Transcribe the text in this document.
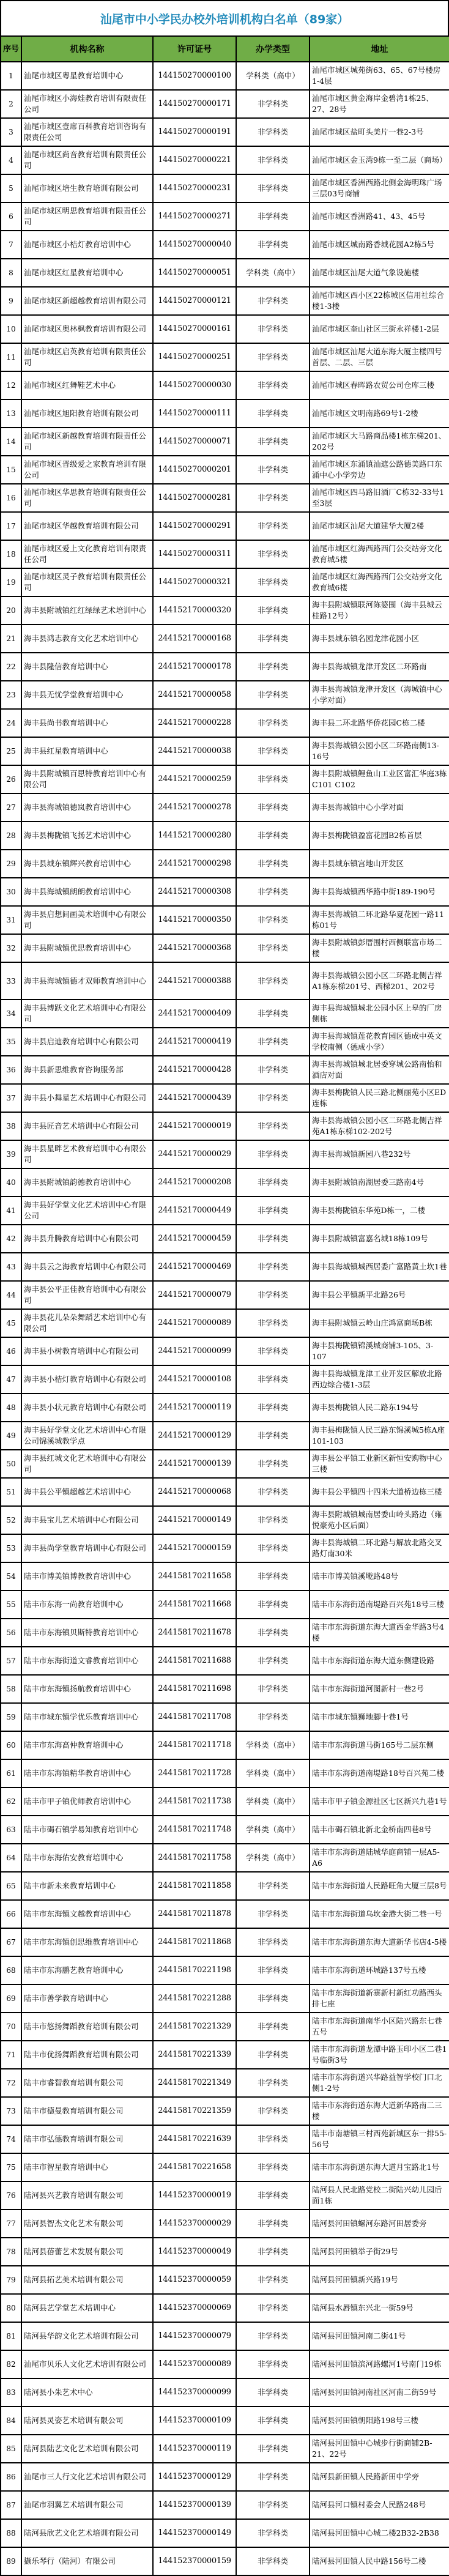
汕尾市中小学民办校外培训机构白名单（89家）
序号	机构名称	许可证号	办学类型	地址
1	汕尾市城区粤星教育培训中心	144150270000100	学科类（高中）	汕尾市城区城苑街63、65、67号楼房1-4层

2	汕尾市城区小海娃教育培训有限责任公司	144150270000171	非学科类	汕尾市城区黄金海岸金碧湾1栋25、27、28号

3	汕尾市城区壹席百科教育培训咨询有限责任公司	144150270000191	非学科类	汕尾市城区盐町头美片一巷2-3号

4	汕尾市城区尚音教育培训有限责任公司	144150270000221	非学科类	汕尾市城区金玉湾9栋一至二层（商场）

5	汕尾市城区培生教育培训有限公司	144150270000231	非学科类	汕尾市城区香洲西路北侧金海明珠广场三层03号商铺

6	汕尾市城区明思教育培训有限责任公司	144150270000271	非学科类	汕尾市城区香洲路41、43、45号

7	汕尾市城区小桔灯教育培训中心	144150270000040	非学科类	汕尾市城区城南路香城花园A2栋5号

8	汕尾市城区红星教育培训中心	144150270000051	学科类（高中）	汕尾市城区汕尾大道气象设施楼

9	汕尾市城区新超越教育培训有限公司	144150270000121	非学科类	汕尾市城区西小区22栋城区信用社综合楼1-3楼

10	汕尾市城区奥林枫教育培训有限公司	144150270000161	非学科类	汕尾市城区奎山社区三街永祥楼1-2层

11	汕尾市城区启英教育培训有限责任公司	144150270000251	非学科类	汕尾市城区汕尾大道东海大厦主楼四号首层、二层、三层

12	汕尾市城区红舞鞋艺术中心	144150270000030	非学科类	汕尾市城区春晖路农贸公司仓库三楼

13	汕尾市城区旭阳教育培训有限公司	144150270000111	非学科类	汕尾市城区文明南路69号1-2楼

14	汕尾市城区新越教育培训有限责任公司	144150270000071	非学科类	汕尾市城区大马路商品楼1栋东梯201、202号

15	汕尾市城区晋级爱之家教育培训有限公司	144150270000201	非学科类	汕尾市城区东涌镇汕遮公路德美路口东涌中心小学旁边

16	汕尾市城区华思教育培训有限责任公司	144150270000281	非学科类	汕尾市城区四马路旧酒厂C栋32-33号1至3层

17	汕尾市城区华越教育培训有限公司	144150270000291	非学科类	汕尾市城区汕尾大道建华大厦2楼

18	汕尾市城区爱上文化教育培训有限责任公司	144150270000311	非学科类	汕尾市城区红海西路西门公交站旁文化教育城5楼

19	汕尾市城区灵子教育培训有限责任公司	144150270000321	非学科类	汕尾市城区红海西路西门公交站旁文化教育城6楼

20	海丰县附城镇红红绿绿艺术培训中心	144152170000320	非学科类	海丰县附城镇联河陈婆围（海丰县城云桂路12号）

21	海丰县鸿志教育文化艺术培训中心	244152170000168	非学科类	海丰县城东镇名园龙津花园小区

22	海丰县隆信教育培训中心	244152170000178	非学科类	海丰县海城镇龙津开发区二环路南

23	海丰县无忧学堂教育培训中心	244152170000058	非学科类	海丰县海城镇龙津开发区（海城镇中心小学对面）

24	海丰县尚书教育培训中心	244152170000228	非学科类	海丰县二环北路华侨花园C栋二楼

25	海丰县红星教育培训中心	244152170000038	非学科类	海丰县海城镇公园小区二环路南侧13-16号

26	海丰县附城镇百思特教育培训中心有限公司	244152170000259	非学科类	海丰县附城镇鲤鱼山工业区富汇华庭3栋C101 C102

27	海丰县海城镇德岚教育培训中心	244152170000278	非学科类	海丰县海城镇中心小学对面

28	海丰县梅陇镇飞扬艺术培训中心	144152170000280	非学科类	海丰县梅陇镇盈富花园B2栋首层

29	海丰县城东镇辉兴教育培训中心	244152170000298	非学科类	海丰县城东镇宫地山开发区

30	海丰县海城镇朗朗教育培训中心	244152170000308	非学科类	海丰县海城镇西华路中街189-190号

31	海丰县启想间画美术培训中心有限公司	144152170000350	非学科类	海丰县海城镇二环北路华夏花园一路11栋01号

32	海丰县附城镇优思教育培训中心	244152170000368	非学科类	海丰县附城镇彭厝围村西侧联富市场二楼

33	海丰县海城镇德才双师教育培训中心	244152170000388	非学科类	海丰县海城镇公园小区二环路北侧吉祥A1栋东梯201号、西梯201、202号

34	海丰县博跃文化艺术培训中心有限公司	244152170000409	非学科类	海丰县海城镇城北公园小区上皋的厂房侧栋

35	海丰县启迪教育培训中心有限公司	244152170000419	非学科类	海丰县海城镇莲花教育园区德成中英文学校南侧（德成小学）

36	海丰县新思维教育咨询服务部	244152170000428	非学科类	海丰县海城镇城北居委穿城公路南怡和酒店对面

37	海丰县小舞星艺术培训中心有限公司	244152170000439	非学科类	海丰县梅陇镇人民三路北侧丽苑小区ED连栋

38	海丰县匠音艺术培训中心有限公司	244152170000019	非学科类	海丰县海城镇公园小区二环路北侧吉祥苑A1栋东梯102-202号

39	海丰县星畔艺术教育培训中心有限公司	244152170000029	非学科类	海丰县海城镇新园八巷232号

40	海丰县附城镇韵德教育培训中心	244152170000208	非学科类	海丰县附城镇南湖居委三路南4号

41	海丰县好学堂文化艺术培训中心有限公司	244152170000449	非学科类	海丰县梅陇镇东华苑D栋一，二楼

42	海丰县升腾教育培训中心有限公司	244152170000459	非学科类	海丰县附城镇富嘉名城18栋109号

43	海丰县云之海教育培训中心有限公司	244152170000469	非学科类	海丰县海城镇城西居委广富路黄土坎1巷

44	海丰县公平正佳教育培训中心有限公司	244152170000079	非学科类	海丰县公平镇新平北路26号

45	海丰县花儿朵朵舞蹈艺术培训中心有限公司	244152170000089	非学科类	海丰县附城镇云岭山庄鸿富商场B栋

46	海丰县小树教育培训中心有限公司	244152170000099	非学科类	海丰县梅陇镇锦溪城商铺3-105、3-107

47	海丰县小桔灯教育培训中心有限公司	244152170000108	非学科类	海丰县海城镇龙津工业开发区解放北路西边综合楼1-3层

48	海丰县小状元教育培训中心有限公司	244152170000119	非学科类	海丰县梅陇镇人民二路东194号

49	海丰县好学堂文化艺术培训中心有限公司锦溪城教学点	244152170000129	非学科类	海丰县梅陇镇人民三路东锦溪城5栋A座101-103

50	海丰县红城文化艺术培训中心有限公司	244152170000139	非学科类	海丰县公平镇工业新区新恒安购物中心三楼

51	海丰县公平镇超越艺术培训中心	244152170000068	非学科类	海丰县公平镇四十四米大道桥边栋三楼

52	海丰县宝儿艺术培训中心有限公司	244152170000149	非学科类	海丰县附城镇城南居委山岭头路边（雍悦豪苑小区后面）

53	海丰县尚学堂教育培训中心有限公司	244152170000159	非学科类	海丰县海城镇二环北路与解放北路交叉路灯南30米

54	陆丰市博美镇博教教育培训中心	244158170211658	非学科类	陆丰市博美镇溪墘路48号

55	陆丰市东海一尚教育培训中心	244158170211668	非学科类	陆丰市东海街道南堤路百兴苑18号三楼

56	陆丰市东海镇贝斯特教育培训中心	244158170211678	非学科类	陆丰市东海街道东海大道西金华路3号4楼

57	陆丰市东海街道文睿教育培训中心	244158170211688	非学科类	陆丰市东海街道东海大道东侧建设路

58	陆丰市东海镇扬航教育培训中心	244158170211698	非学科类	陆丰市东海街道河图新村一巷2号

59	陆丰市城东镇学优乐教育培训中心	244158170211708	非学科类	陆丰市城东镇狮地脚十巷1号

60	陆丰市东海高仲教育培训中心	244158170211718	学科类（高中）	陆丰市东海街道马街165号二层东侧

61	陆丰市东海镇精华教育培训中心	244158170211728	学科类（高中）	陆丰市东海街道南堤路18号百兴苑二楼

62	陆丰市甲子镇优师教育培训中心	244158170211738	学科类（高中）	陆丰市甲子镇金源社区七区新兴九巷1号

63	陆丰市碣石镇学易知教育培训中心	244158170211748	学科类（高中）	陆丰市碣石镇北新北金桥南四巷8号

64	陆丰市东海佑安教育培训中心	244158170211758	学科类（高中）	陆丰市东海街道陆城华庭商铺一层A5-A6

65	陆丰市新未来教育培训中心	244158170211858	非学科类	陆丰市东海街道人民路旺角大厦三层8号

66	陆丰市东海镇文越教育培训中心	244158170211878	非学科类	陆丰市东海街道乌坎金港大街二巷一号

67	陆丰市东海镇创思维教育培训中心	244158170211868	非学科类	陆丰市东海街道东海大道新华书店4-5楼

68	陆丰市东海鹏艺教育培训中心	244158170221198	非学科类	陆丰市东海街道环城路137号五楼

69	陆丰市善学教育培训中心	244158170221288	非学科类	陆丰市东海街道新寨新村新红功路西头排七座

70	陆丰市悠扬舞蹈教育培训有限公司	244158170221329	非学科类	陆丰市东海街道南华小区陆兴路东七巷五号

71	陆丰市优扬舞蹈教育培训有限公司	244158170221339	非学科类	陆丰市东海街道龙潭中路玉印小区二巷1号临街3号

72	陆丰市睿智教育培训有限公司	244158170221349	非学科类	陆丰市东海街道兴华路益智学校门口北侧1-2号

73	陆丰市德曼教育培训有限公司	244158170221359	非学科类	陆丰市东海街道东海大道新华路南二三楼

74	陆丰市弘德教育培训有限公司	244158170221639	非学科类	陆丰市南塘镇三村西苑新城区东一排55-56号

75	陆丰市智星教育培训中心	244158170221658	非学科类	陆丰市东海街道东海大道月宝路北1号

76	陆河县兴艺教育培训有限公司	144152370000019	非学科类	陆河县人民北路党校二街陆兴幼儿园后面1栋

77	陆河县智杰文化艺术有限公司	144152370000029	非学科类	陆河县河田镇螺河东路河田居委旁

78	陆河县蓓蕾艺术发展有限公司	144152370000049	非学科类	陆河县河田镇举子街29号

79	陆河县拓艺美术培训有限公司	144152370000059	非学科类	陆河县河田镇新兴路19号

80	陆河县艺学堂艺术培训中心	144152370000069	非学科类	陆河县水唇镇东兴北一街59号

81	陆河县华韵文化艺术培训有限公司	144152370000079	非学科类	陆河县河田镇河南二街41号

82	汕尾市贝乐人文化艺术培训有限公司	144152370000089	非学科类	陆河县河田镇滨河路螺河1号南门19栋

83	陆河县小朱艺术中心	144152370000099	非学科类	陆河县河田镇河南社区河南二街59号

84	陆河县灵姿艺术培训有限公司	144152370000109	非学科类	陆河县河田镇朝阳路198号三楼

85	陆河县陆艺文化艺术培训有限公司	144152370000119	非学科类	陆河县河田镇中心城步行街商铺2B-21、22号

86	汕尾市三人行文化艺术培训有限公司	144152370000129	非学科类	陆河县新田镇人民路新田中学旁

87	汕尾市羽翼艺术培训有限公司	144152370000139	非学科类	陆河县河口镇村委会人民路248号

88	陆河县欣艺文化艺术培训有限公司	144152370000149	非学科类	陆河县河田镇中心城二楼2B32-2B38

89	撷乐琴行（陆河）有限公司	144152370000159	非学科类	陆河县河田镇人民中路156号二楼
